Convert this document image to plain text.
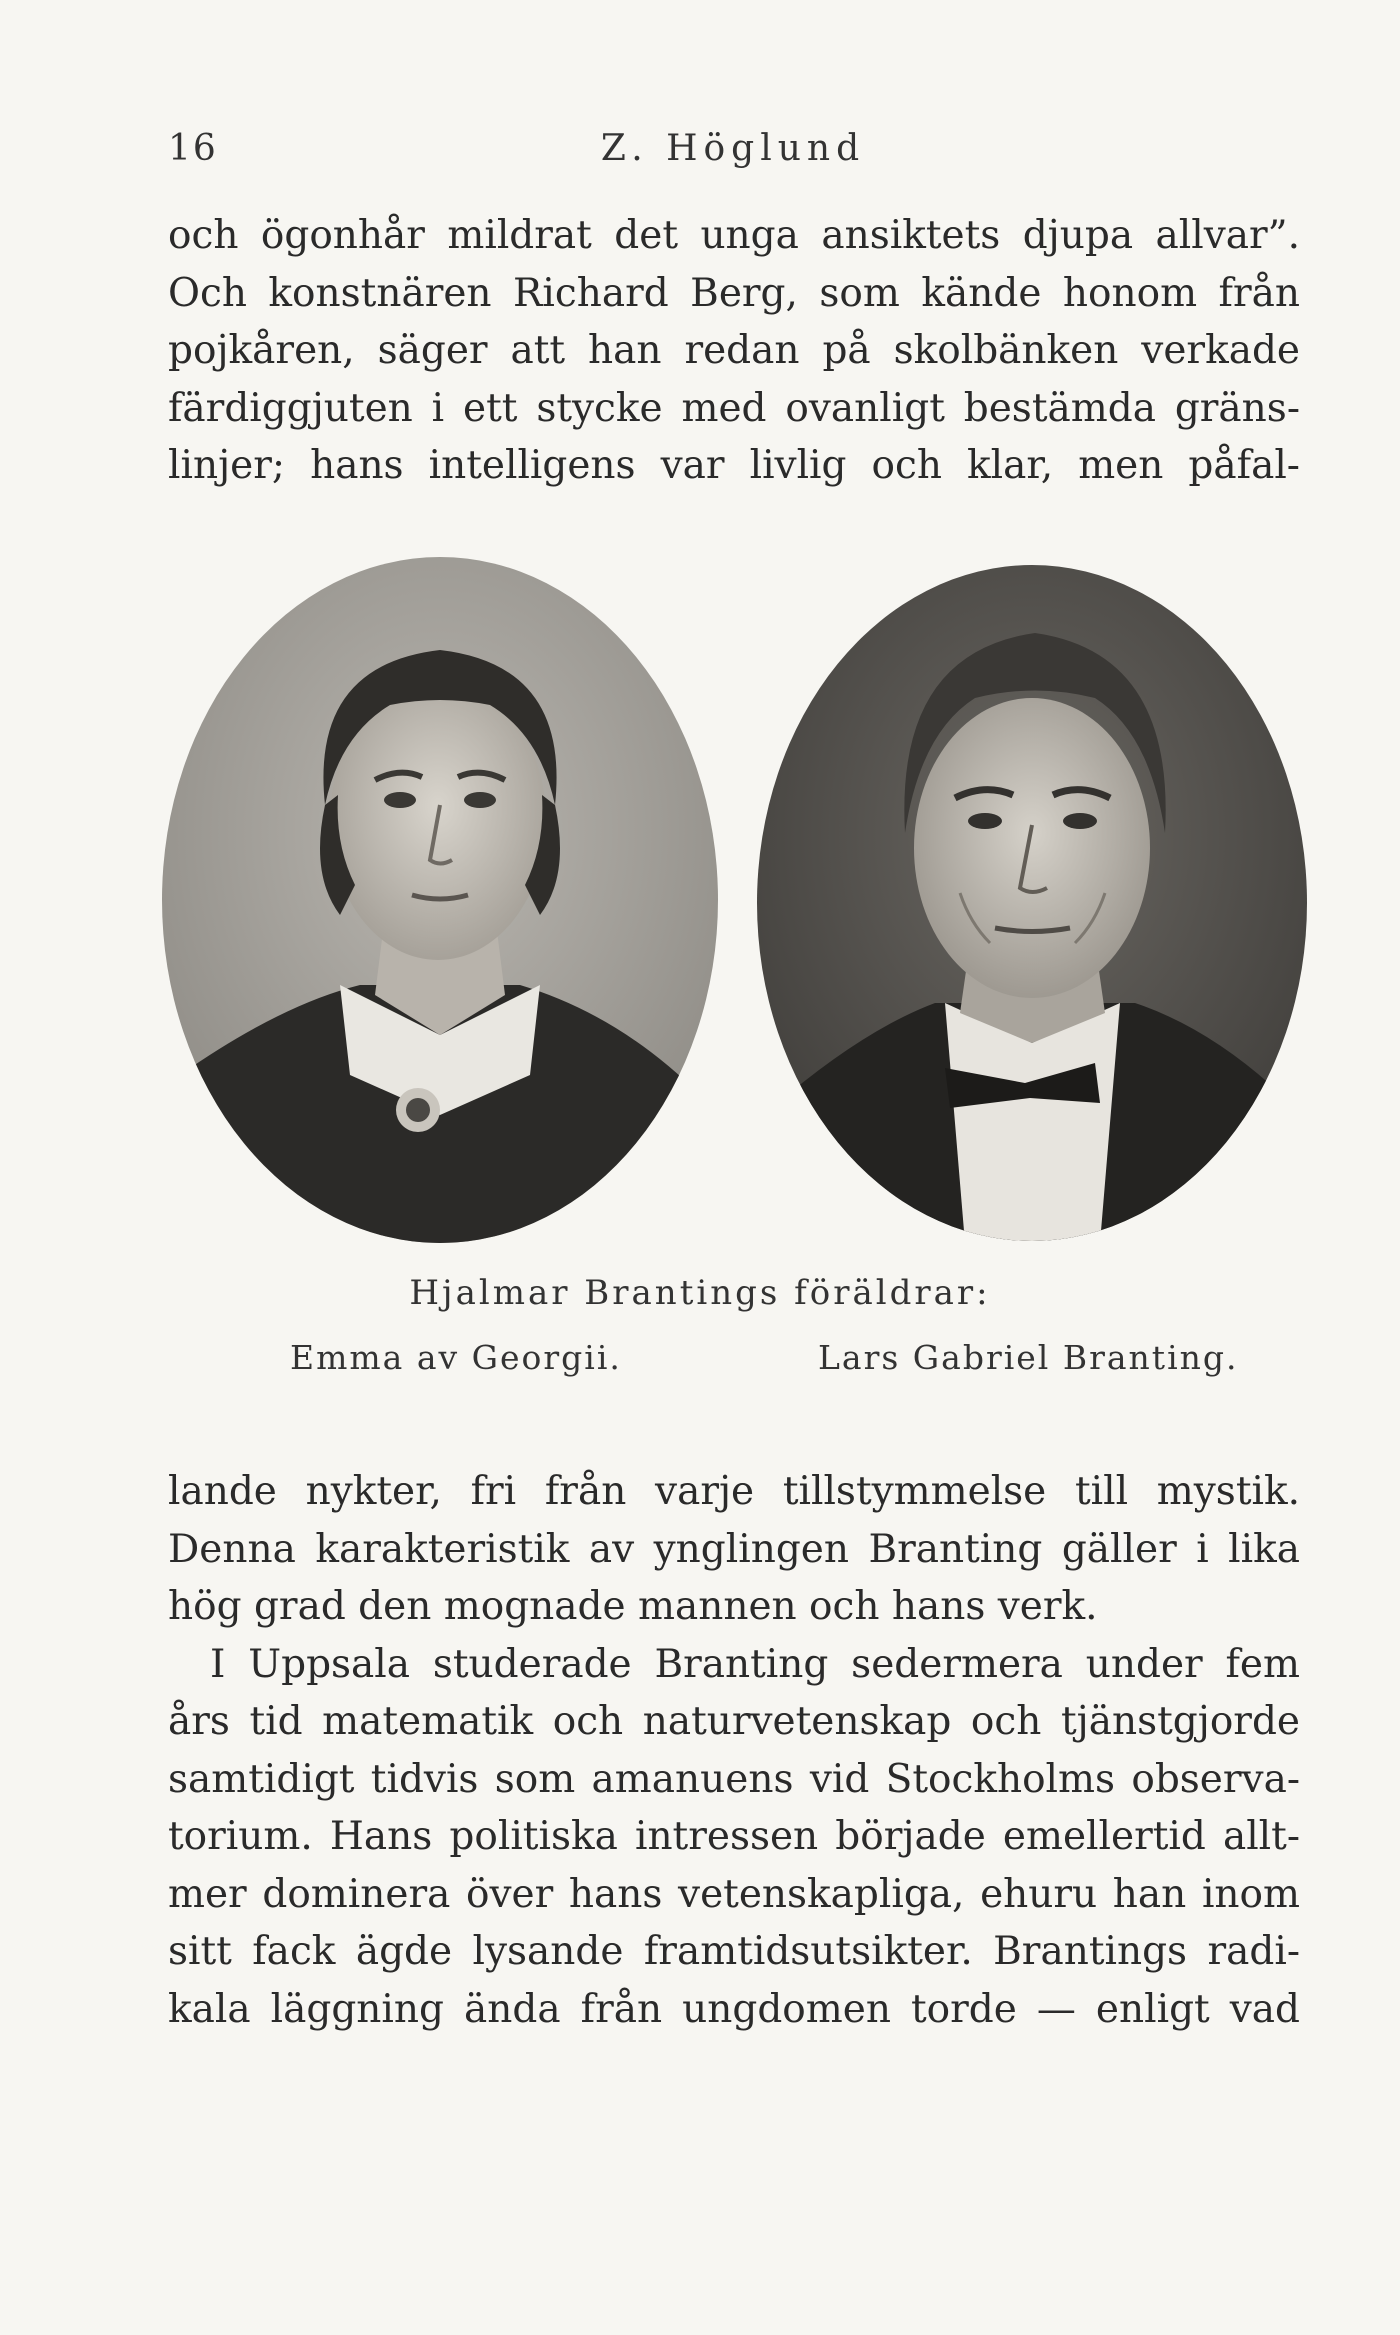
16	Z. Höglund
och ögonhår mildrat det unga ansiktets djupa allvar”.
Och konstnären Richard Berg, som kände honom från
pojkåren, säger att han redan på skolbänken verkade
färdiggjuten i ett stycke med ovanligt bestämda gräns-
linjer; hans intelligens var livlig och klar, men påfal-
Hjalmar Brantings föräldrar:
Emma av Georgii.	Lars Gabriel Branting.
lande nykter, fri från varje tillstymmelse till mystik.
Denna karakteristik av ynglingen Branting gäller i lika
hög grad den mognade mannen och hans verk.
I Uppsala studerade Branting sedermera under fem
års tid matematik och naturvetenskap och tjänstgjorde
samtidigt tidvis som amanuens vid Stockholms observa-
torium. Hans politiska intressen började emellertid allt-
mer dominera över hans vetenskapliga, ehuru han inom
sitt fack ägde lysande framtidsutsikter. Brantings radi-
kala läggning ända från ungdomen torde — enligt vad
